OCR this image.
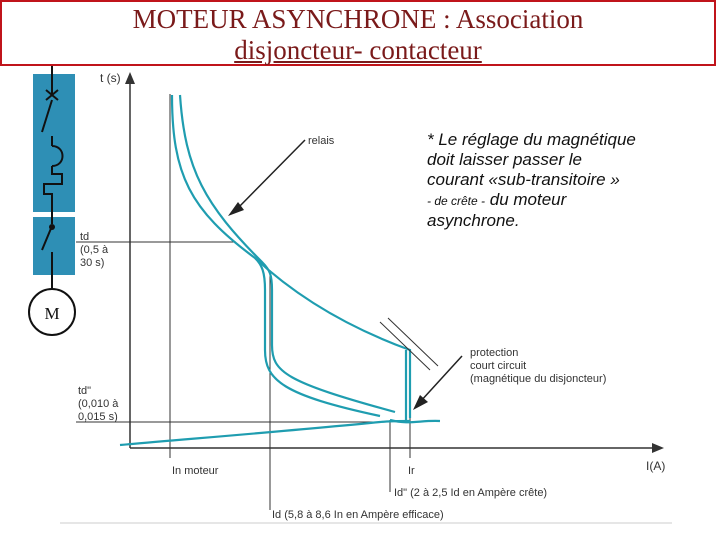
MOTEUR ASYNCHRONE : Association
disjoncteur- contacteur
M
t (s)
I(A)
relais
td
(0,5 à
30 s)
td"
(0,010 à
0,015 s)
protection
court circuit
(magnétique du disjoncteur)
In moteur	Ir
Id" (2 à 2,5 Id en Ampère crête)
Id (5,8 à 8,6 In en Ampère efficace)
* Le réglage du magnétique
doit laisser passer le
courant «sub-transitoire »
- de crête - du moteur
asynchrone.
